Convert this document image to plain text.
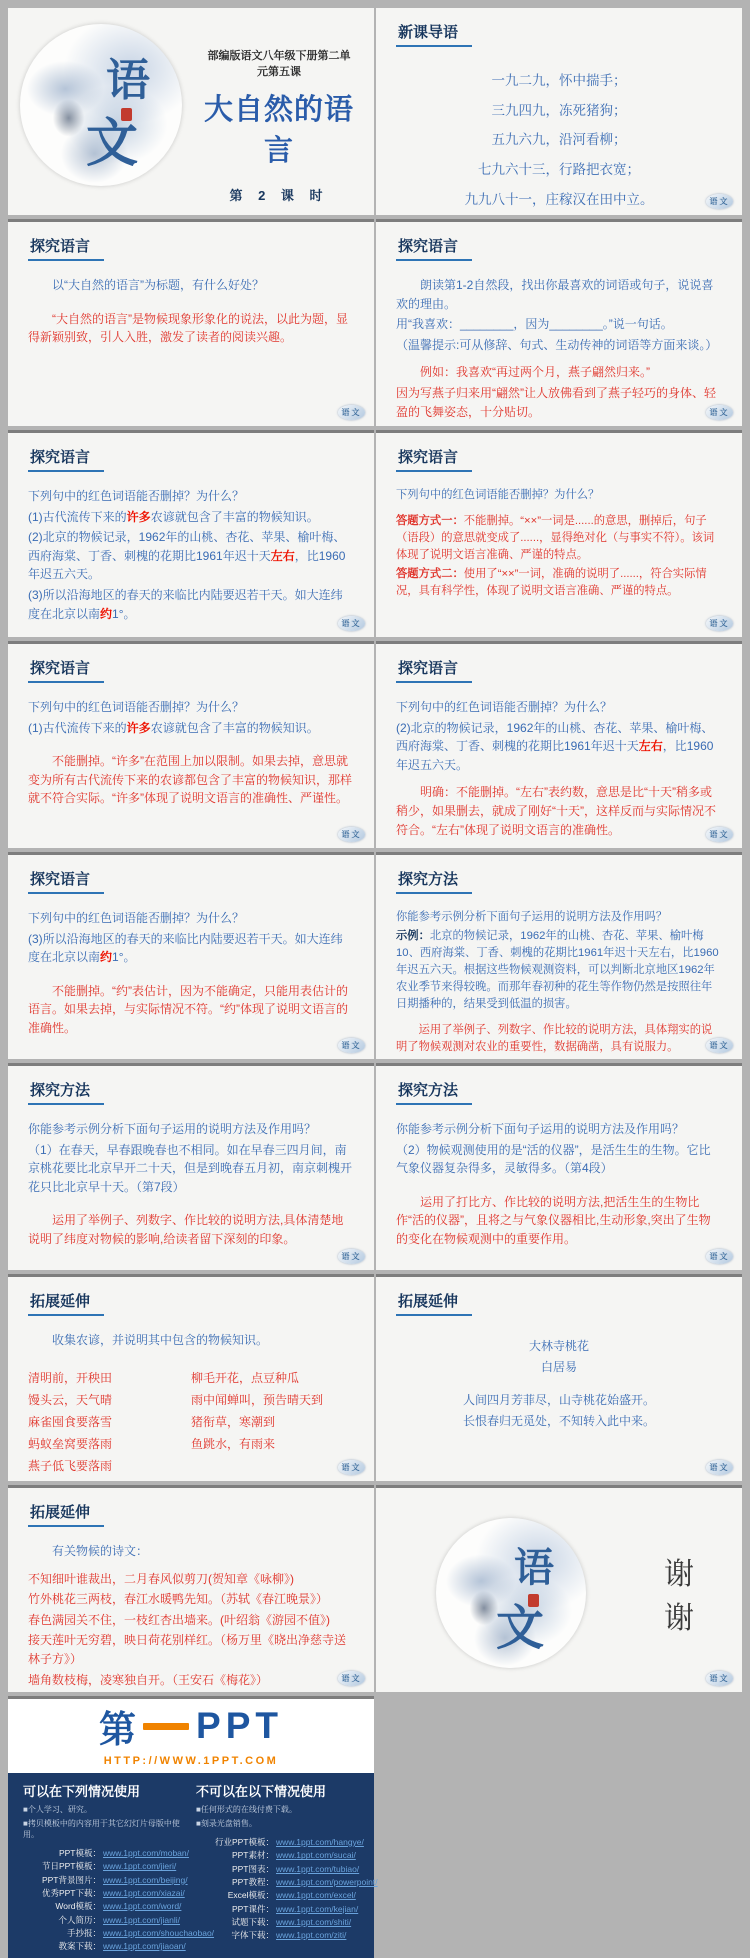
语
文
部编版语文八年级下册第二单元第五课
大自然的语言
第 2 课 时
新课导语
一九二九，怀中揣手；
三九四九，冻死猪狗；
五九六九，沿河看柳；
七九六十三，行路把衣宽；
九九八十一，庄稼汉在田中立。	语文
探究语言
以“大自然的语言”为标题，有什么好处？
“大自然的语言”是物候现象形象化的说法，以此为题，显得新颖别致，引人入胜，激发了读者的阅读兴趣。
语文
探究语言
朗读第1-2自然段，找出你最喜欢的词语或句子，说说喜欢的理由。
用“我喜欢：________，因为________。”说一句话。
（温馨提示:可从修辞、句式、生动传神的词语等方面来谈。）
例如：我喜欢“再过两个月，燕子翩然归来。”
因为写燕子归来用“翩然”让人放佛看到了燕子轻巧的身体、轻盈的飞舞姿态，十分贴切。	语文
探究语言
下列句中的红色词语能否删掉？为什么？
(1)古代流传下来的许多农谚就包含了丰富的物候知识。
(2)北京的物候记录，1962年的山桃、杏花、苹果、榆叶梅、西府海棠、丁香、刺槐的花期比1961年迟十天左右，比1960年迟五六天。
(3)所以沿海地区的春天的来临比内陆要迟若干天。如大连纬度在北京以南约1°。
语文
探究语言
下列句中的红色词语能否删掉？为什么？
答题方式一：不能删掉。“××”一词是......的意思，删掉后，句子（语段）的意思就变成了......，显得绝对化（与事实不符）。该词体现了说明文语言准确、严谨的特点。
答题方式二：使用了“××”一词，准确的说明了......，符合实际情况，具有科学性，体现了说明文语言准确、严谨的特点。
语文
探究语言
下列句中的红色词语能否删掉？为什么？
(1)古代流传下来的许多农谚就包含了丰富的物候知识。
不能删掉。“许多”在范围上加以限制。如果去掉，意思就变为所有古代流传下来的农谚都包含了丰富的物候知识，那样就不符合实际。“许多”体现了说明文语言的准确性、严谨性。
语文
探究语言
下列句中的红色词语能否删掉？为什么？
(2)北京的物候记录，1962年的山桃、杏花、苹果、榆叶梅、西府海棠、丁香、刺槐的花期比1961年迟十天左右，比1960年迟五六天。
明确：不能删掉。“左右”表约数，意思是比“十天”稍多或稍少，如果删去，就成了刚好“十天”，这样反而与实际情况不符合。“左右”体现了说明文语言的准确性。	语文
探究语言
下列句中的红色词语能否删掉？为什么？
(3)所以沿海地区的春天的来临比内陆要迟若干天。如大连纬度在北京以南约1°。
不能删掉。“约”表估计，因为不能确定，只能用表估计的语言。如果去掉，与实际情况不符。“约”体现了说明文语言的准确性。
语文
探究方法
你能参考示例分析下面句子运用的说明方法及作用吗？
示例：北京的物候记录，1962年的山桃、杏花、苹果、榆叶梅10、西府海棠、丁香、刺槐的花期比1961年迟十天左右，比1960年迟五六天。根据这些物候观测资料，可以判断北京地区1962年农业季节来得较晚。而那年春初种的花生等作物仍然是按照往年日期播种的，结果受到低温的损害。
运用了举例子、列数字、作比较的说明方法，具体翔实的说明了物候观测对农业的重要性，数据确凿，具有说服力。	语文
探究方法
你能参考示例分析下面句子运用的说明方法及作用吗？
（1）在春天，早春跟晚春也不相同。如在早春三四月间，南京桃花要比北京早开二十天，但是到晚春五月初，南京刺槐开花只比北京早十天。（第7段）
运用了举例子、列数字、作比较的说明方法,具体清楚地说明了纬度对物候的影响,给读者留下深刻的印象。
语文
探究方法
你能参考示例分析下面句子运用的说明方法及作用吗？
（2）物候观测使用的是“活的仪器”，是活生生的生物。它比气象仪器复杂得多，灵敏得多。（第4段）
运用了打比方、作比较的说明方法,把活生生的生物比作“活的仪器”，且将之与气象仪器相比,生动形象,突出了生物的变化在物候观测中的重要作用。
语文
拓展延伸
收集农谚，并说明其中包含的物候知识。
清明前，开秧田
馒头云，天气晴
麻雀囤食要落雪
蚂蚁垒窝要落雨
燕子低飞要落雨
柳毛开花，点豆种瓜
雨中闻蝉叫，预告晴天到
猪衔草，寒潮到
鱼跳水，有雨来
语文
拓展延伸
大林寺桃花
白居易
人间四月芳菲尽，山寺桃花始盛开。
长恨春归无觅处，不知转入此中来。
语文
拓展延伸
有关物候的诗文：
不知细叶谁裁出，二月春风似剪刀(贺知章《咏柳》)
竹外桃花三两枝，春江水暖鸭先知。（苏轼《春江晚景》）
春色满园关不住，一枝红杏出墙来。(叶绍翁《游园不值》)
接天莲叶无穷碧，映日荷花别样红。（杨万里《晓出净慈寺送林子方》）
墙角数枝梅，凌寒独自开。（王安石《梅花》）	语文
语
文
谢谢
语文
第 PPT
HTTP://WWW.1PPT.COM
可以在下列情况使用
■个人学习、研究。
■拷贝模板中的内容用于其它幻灯片母版中使用。
PPT模板： www.1ppt.com/moban/
节日PPT模板： www.1ppt.com/jieri/
PPT背景图片： www.1ppt.com/beijing/
优秀PPT下载： www.1ppt.com/xiazai/
Word模板： www.1ppt.com/word/
个人简历： www.1ppt.com/jianli/
手抄报： www.1ppt.com/shouchaobao/
教案下载： www.1ppt.com/jiaoan/
不可以在以下情况使用
■任何形式的在线付费下载。
■刻录光盘销售。
行业PPT模板： www.1ppt.com/hangye/
PPT素材： www.1ppt.com/sucai/
PPT图表： www.1ppt.com/tubiao/
PPT教程： www.1ppt.com/powerpoint/
Excel模板： www.1ppt.com/excel/
PPT课件： www.1ppt.com/kejian/
试题下载： www.1ppt.com/shiti/
字体下载： www.1ppt.com/ziti/
